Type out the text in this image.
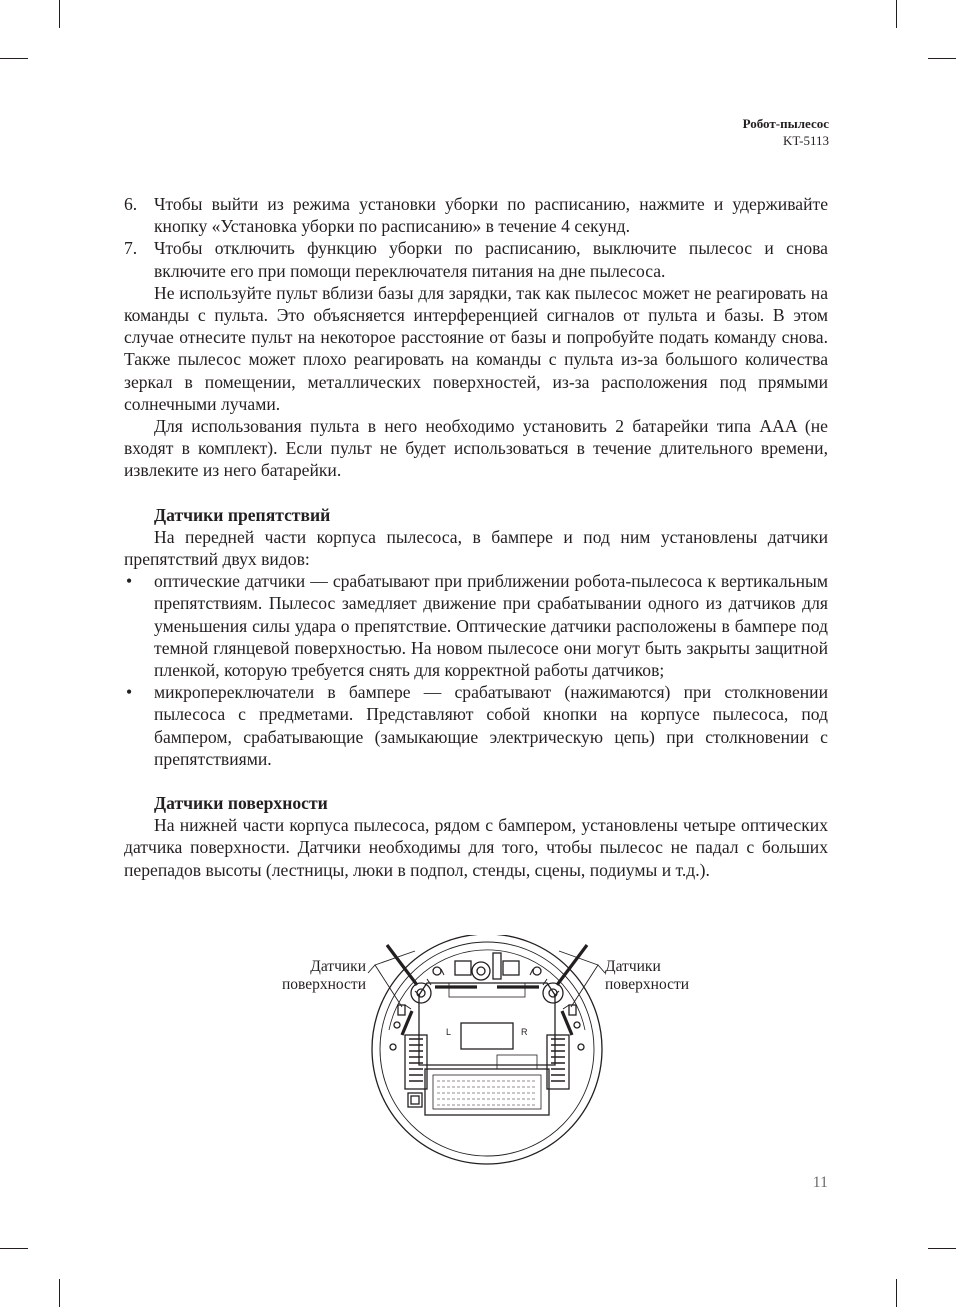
Робот-пылесос
KT-5113

6. Чтобы выйти из режима установки уборки по расписанию, нажмите и удерживайте кнопку «Установка уборки по расписанию» в течение 4 секунд.

7. Чтобы отключить функцию уборки по расписанию, выключите пылесос и снова включите его при помощи переключателя питания на дне пылесоса.

Не используйте пульт вблизи базы для зарядки, так как пылесос может не реагировать на команды с пульта. Это объясняется интерференцией сигналов от пульта и базы. В этом случае отнесите пульт на некоторое расстояние от базы и попробуйте подать команду снова. Также пылесос может плохо реагировать на команды с пульта из-за большого количества зеркал в помещении, металлических поверхностей, из-за расположения под прямыми солнечными лучами.

Для использования пульта в него необходимо установить 2 батарейки типа AAA (не входят в комплект). Если пульт не будет использоваться в течение длительного времени, извлеките из него батарейки.

Датчики препятствий

На передней части корпуса пылесоса, в бампере и под ним установлены датчики препятствий двух видов:

• оптические датчики — срабатывают при приближении робота-пылесоса к вертикальным препятствиям. Пылесос замедляет движение при срабатывании одного из датчиков для уменьшения силы удара о препятствие. Оптические датчики расположены в бампере под темной глянцевой поверхностью. На новом пылесосе они могут быть закрыты защитной пленкой, которую требуется снять для корректной работы датчиков;

• микропереключатели в бампере — срабатывают (нажимаются) при столкновении пылесоса с предметами. Представляют собой кнопки на корпусе пылесоса, под бампером, срабатывающие (замыкающие электрическую цепь) при столкновении с препятствиями.

Датчики поверхности

На нижней части корпуса пылесоса, рядом с бампером, установлены четыре оптических датчика поверхности. Датчики необходимы для того, чтобы пылесос не падал с больших перепадов высоты (лестницы, люки в подпол, стенды, сцены, подиумы и т.д.).

L	R
Датчики поверхности
Датчики поверхности
11
